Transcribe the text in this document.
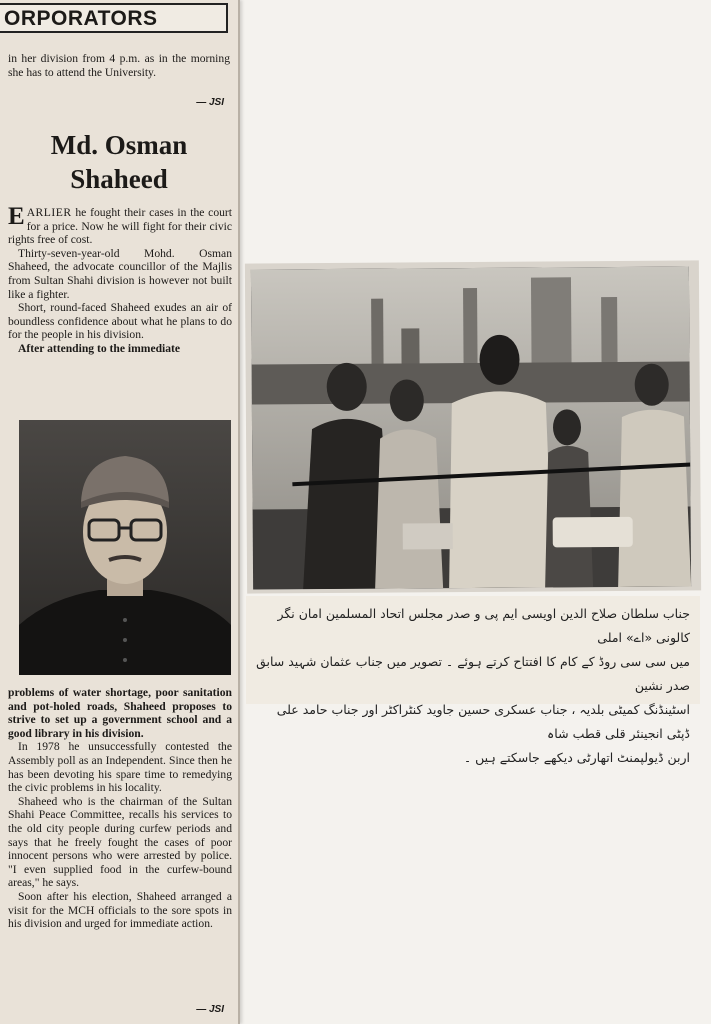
ORPORATORS

in her division from 4 p.m. as in the morning she has to attend the University.

— JSI
Md. Osman Shaheed

EARLIER he fought their cases in the court for a price. Now he will fight for their civic rights free of cost.

Thirty-seven-year-old Mohd. Osman Shaheed, the advocate councillor of the Majlis from Sultan Shahi division is however not built like a fighter.

Short, round-faced Shaheed exudes an air of boundless confidence about what he plans to do for the people in his division.

After attending to the immediate

problems of water shortage, poor sanitation and pot-holed roads, Shaheed proposes to strive to set up a government school and a good library in his division.

In 1978 he unsuccessfully contested the Assembly poll as an Independent. Since then he has been devoting his spare time to remedying the civic problems in his locality.

Shaheed who is the chairman of the Sultan Shahi Peace Committee, recalls his services to the old city people during curfew periods and says that he freely fought the cases of poor innocent persons who were arrested by police. "I even supplied food in the curfew-bound areas," he says.

Soon after his election, Shaheed arranged a visit for the MCH officials to the sore spots in his division and urged for immediate action.

— JSI
جناب سلطان صلاح الدین اویسی ایم پی و صدر مجلس اتحاد المسلمین امان نگر کالونی «اے» املی
میں سی سی روڈ کے کام کا افتتاح کرتے ہوئے ۔ تصویر میں جناب عثمان شہید سابق صدر نشین
اسٹینڈنگ کمیٹی بلدیہ ، جناب عسکری حسین جاوید کنٹراکٹر اور جناب حامد علی ڈپٹی انجینئر قلی قطب شاہ
اربن ڈیولپمنٹ اتھارٹی دیکھے جاسکتے ہیں ۔
